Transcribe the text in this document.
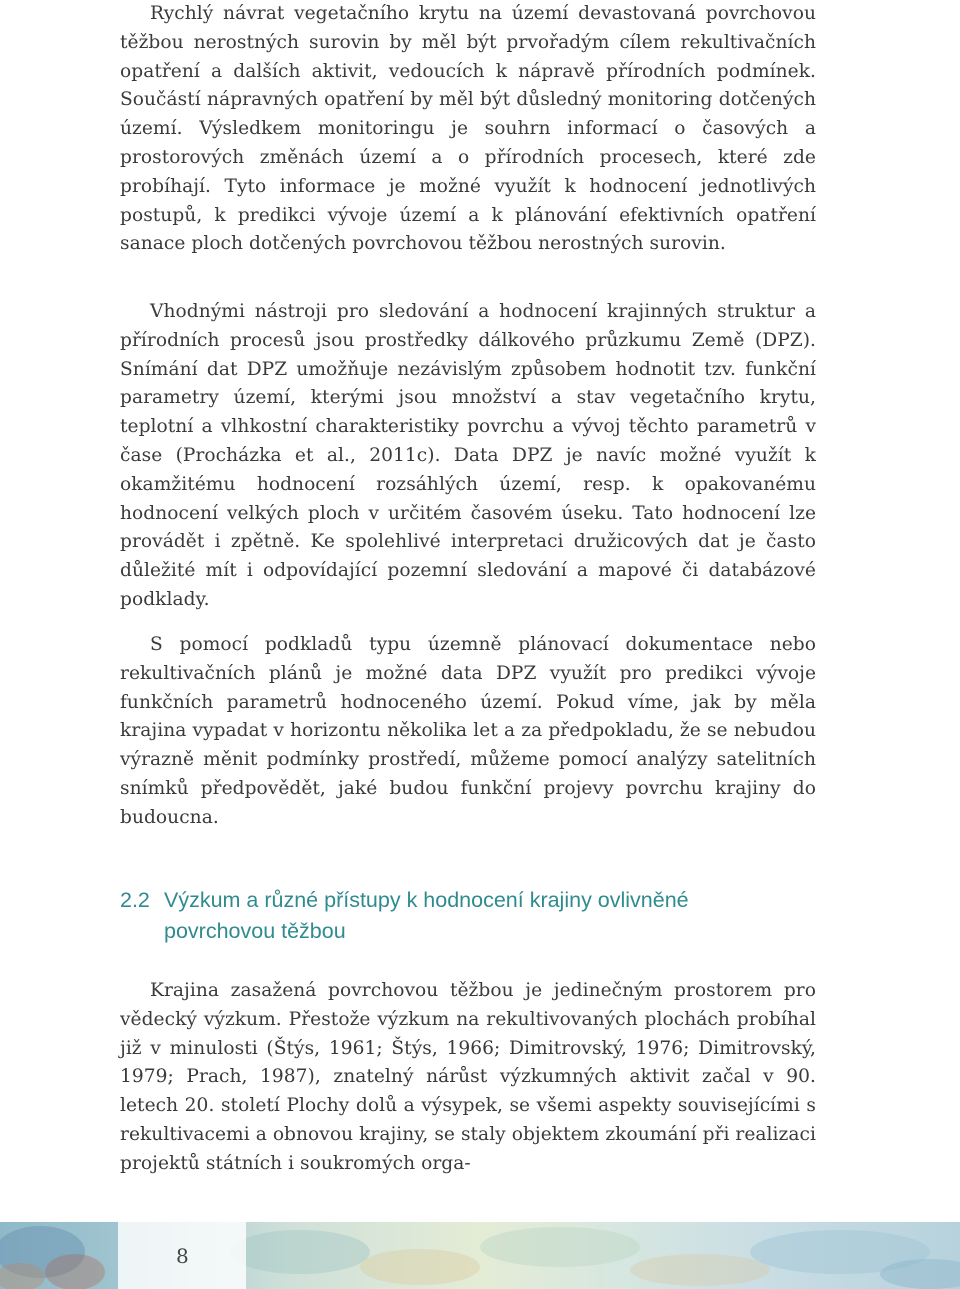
Rychlý návrat vegetačního krytu na území devastovaná povrchovou těžbou nerostných surovin by měl být prvořadým cílem rekultivačních opatření a dalších aktivit, vedoucích k nápravě přírodních podmínek. Součástí nápravných opatření by měl být důsledný monitoring dotčených území. Výsledkem monitoringu je souhrn informací o časových a prostorových změnách území a o přírodních procesech, které zde probíhají. Tyto informace je možné využít k hodnocení jednotlivých postupů, k predikci vývoje území a k plánování efektivních opatření sanace ploch dotčených povrchovou těžbou nerostných surovin.

Vhodnými nástroji pro sledování a hodnocení krajinných struktur a přírodních procesů jsou prostředky dálkového průzkumu Země (DPZ). Snímání dat DPZ umožňuje nezávislým způsobem hodnotit tzv. funkční parametry území, kterými jsou množství a stav vegetačního krytu, teplotní a vlhkostní charakteristiky povrchu a vývoj těchto parametrů v čase (Procházka et al., 2011c). Data DPZ je navíc možné využít k okamžitému hodnocení rozsáhlých území, resp. k opakovanému hodnocení velkých ploch v určitém časovém úseku. Tato hodnocení lze provádět i zpětně. Ke spolehlivé interpretaci družicových dat je často důležité mít i odpovídající pozemní sledování a mapové či databázové podklady.

S pomocí podkladů typu územně plánovací dokumentace nebo rekultivačních plánů je možné data DPZ využít pro predikci vývoje funkčních parametrů hodnoceného území. Pokud víme, jak by měla krajina vypadat v horizontu několika let a za předpokladu, že se nebudou výrazně měnit podmínky prostředí, můžeme pomocí analýzy satelitních snímků předpovědět, jaké budou funkční projevy povrchu krajiny do budoucna.

2.2 Výzkum a různé přístupy k hodnocení krajiny ovlivněné
povrchovou těžbou

Krajina zasažená povrchovou těžbou je jedinečným prostorem pro vědecký výzkum. Přestože výzkum na rekultivovaných plochách probíhal již v minulosti (Štýs, 1961; Štýs, 1966; Dimitrovský, 1976; Dimitrovský, 1979; Prach, 1987), znatelný nárůst výzkumných aktivit začal v 90. letech 20. století Plochy dolů a výsypek, se všemi aspekty souvisejícími s rekultivacemi a obnovou krajiny, se staly objektem zkoumání při realizaci projektů státních i soukromých orga-

8
